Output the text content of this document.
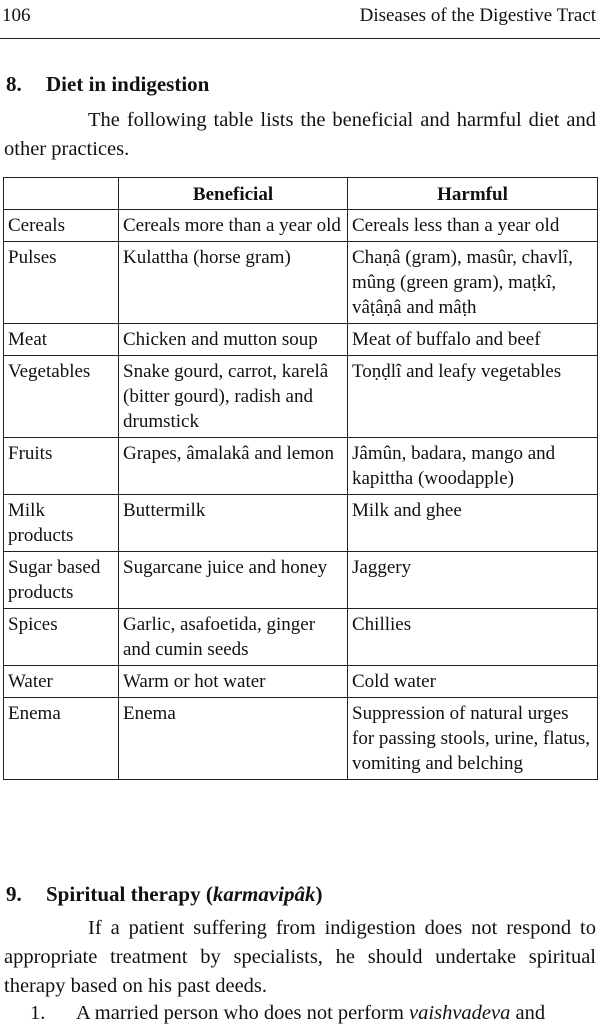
106	Diseases of the Digestive Tract
8. Diet in indigestion
The following table lists the beneficial and harmful diet and other practices.
	Beneficial	Harmful
Cereals	Cereals more than a year old	Cereals less than a year old
Pulses	Kulattha (horse gram)	Chaṇâ (gram), masûr, chavlî, mûng (green gram), maṭkî, vâṭâṇâ and mâṭh
Meat	Chicken and mutton soup	Meat of buffalo and beef
Vegetables	Snake gourd, carrot, karelâ (bitter gourd), radish and drumstick	Toṇḍlî and leafy vegetables
Fruits	Grapes, âmalakâ and lemon	Jâmûn, badara, mango and kapittha (woodapple)
Milk products	Buttermilk	Milk and ghee
Sugar based products	Sugarcane juice and honey	Jaggery
Spices	Garlic, asafoetida, ginger and cumin seeds	Chillies
Water	Warm or hot water	Cold water
Enema	Enema	Suppression of natural urges for passing stools, urine, flatus, vomiting and belching
9. Spiritual therapy (karmavipâk)
If a patient suffering from indigestion does not respond to appropriate treatment by specialists, he should undertake spiritual therapy based on his past deeds.
1. A married person who does not perform vaishvadeva and
